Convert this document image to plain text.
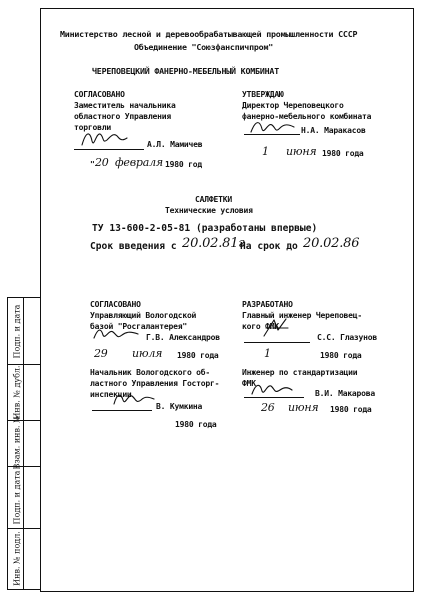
Подп. и дата
Инв. № дубл.
Взам. инв. №
Подп. и дата
Инв. № подл.
Министерство лесной и деревообрабатывающей промышленности СССР
Объединение "Союзфанспичпром"
ЧЕРЕПОВЕЦКИЙ ФАНЕРНО-МЕБЕЛЬНЫЙ КОМБИНАТ
СОГЛАСОВАНО
Заместитель начальника
областного Управления
торговли
А.Л. Мамичев
" 20 февраля 1980 год
УТВЕРЖДАЮ
Директор Череповецкого
фанерно-мебельного комбината
Н.А. Маракасов
1 июня 1980 года
САЛФЕТКИ
Технические условия
ТУ 13-600-2-05-81 (разработаны впервые)
Срок введения с 20.02.81г
На срок до 20.02.86
СОГЛАСОВАНО
Управляющий Вологодской
базой "Росгалантерея"
Г.В. Александров
29 июля 1980 года
РАЗРАБОТАНО
Главный инженер Череповец-
кого ФМК
С.С. Глазунов
1	1980 года
Начальник Вологодского об-
ластного Управления Госторг-
инспекции
В. Кумкина
1980 года
Инженер по стандартизации
ФМК
В.И. Макарова
26 июня 1980 года
